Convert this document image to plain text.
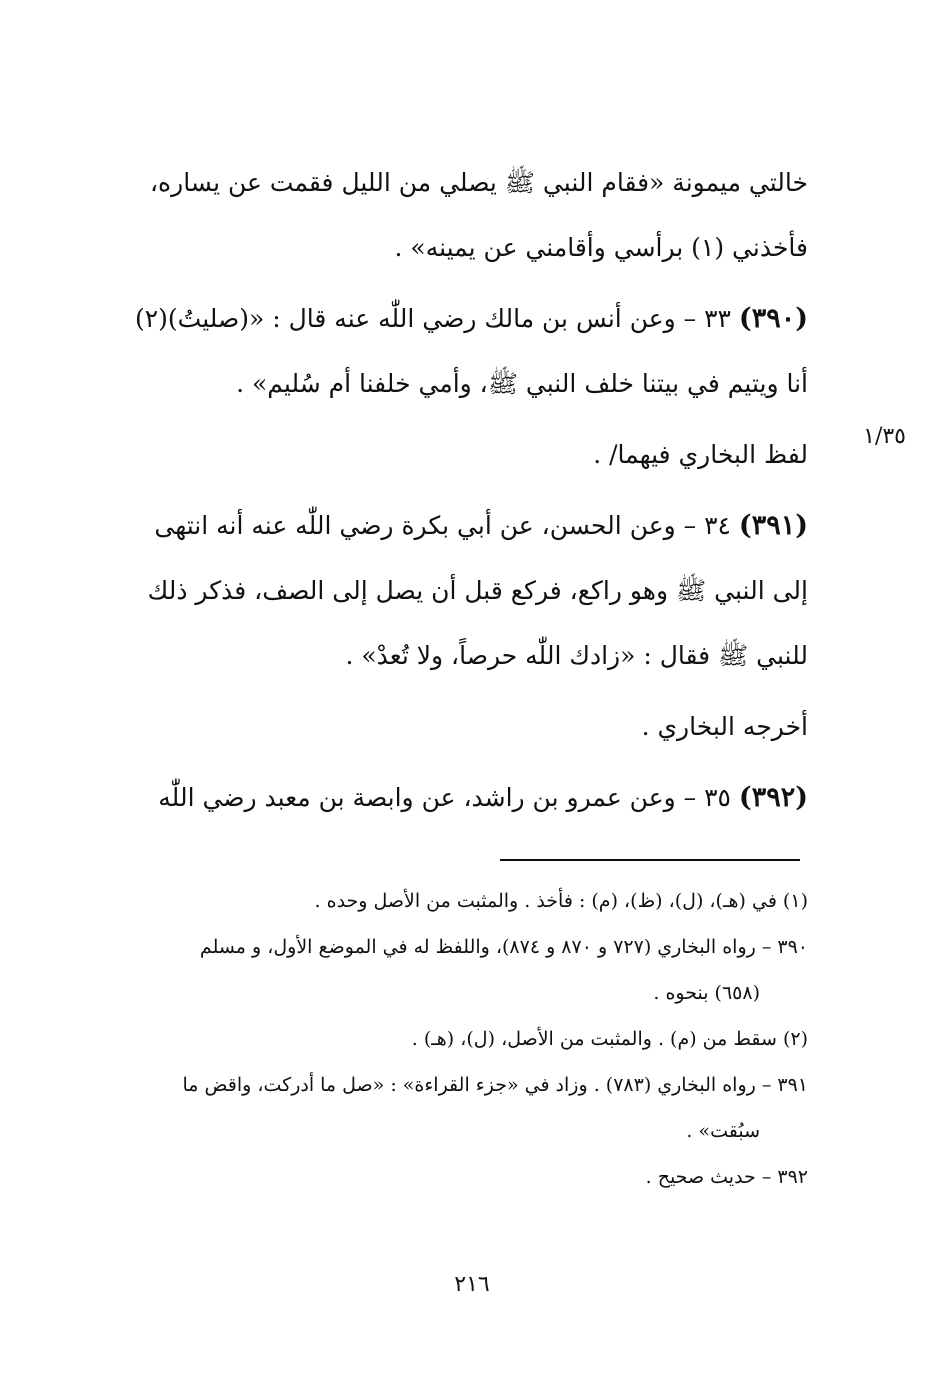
١/٣٥

خالتي ميمونة «فقام النبي ﷺ يصلي من الليل فقمت عن يساره،

فأخذني (١) برأسي وأقامني عن يمينه» .

(٣٩٠) ٣٣ – وعن أنس بن مالك رضي اللّٰه عنه قال : «(صليتُ)(٢)

أنا ويتيم في بيتنا خلف النبي ﷺ، وأمي خلفنا أم سُليم» .

لفظ البخاري فيهما/ .

(٣٩١) ٣٤ – وعن الحسن، عن أبي بكرة رضي اللّٰه عنه أنه انتهى

إلى النبي ﷺ وهو راكع، فركع قبل أن يصل إلى الصف، فذكر ذلك

للنبي ﷺ فقال : «زادك اللّٰه حرصاً، ولا تُعدْ» .

أخرجه البخاري .

(٣٩٢) ٣٥ – وعن عمرو بن راشد، عن وابصة بن معبد رضي اللّٰه

(١) في (هـ)، (ل)، (ظ)، (م) : فأخذ . والمثبت من الأصل وحده .

٣٩٠ – رواه البخاري (٧٢٧ و ٨٧٠ و ٨٧٤)، واللفظ له في الموضع الأول، و مسلم

(٦٥٨) بنحوه .

(٢) سقط من (م) . والمثبت من الأصل، (ل)، (هـ) .

٣٩١ – رواه البخاري (٧٨٣) . وزاد في «جزء القراءة» : «صل ما أدركت، واقض ما

سبُقت» .

٣٩٢ – حديث صحيح .

٢١٦
